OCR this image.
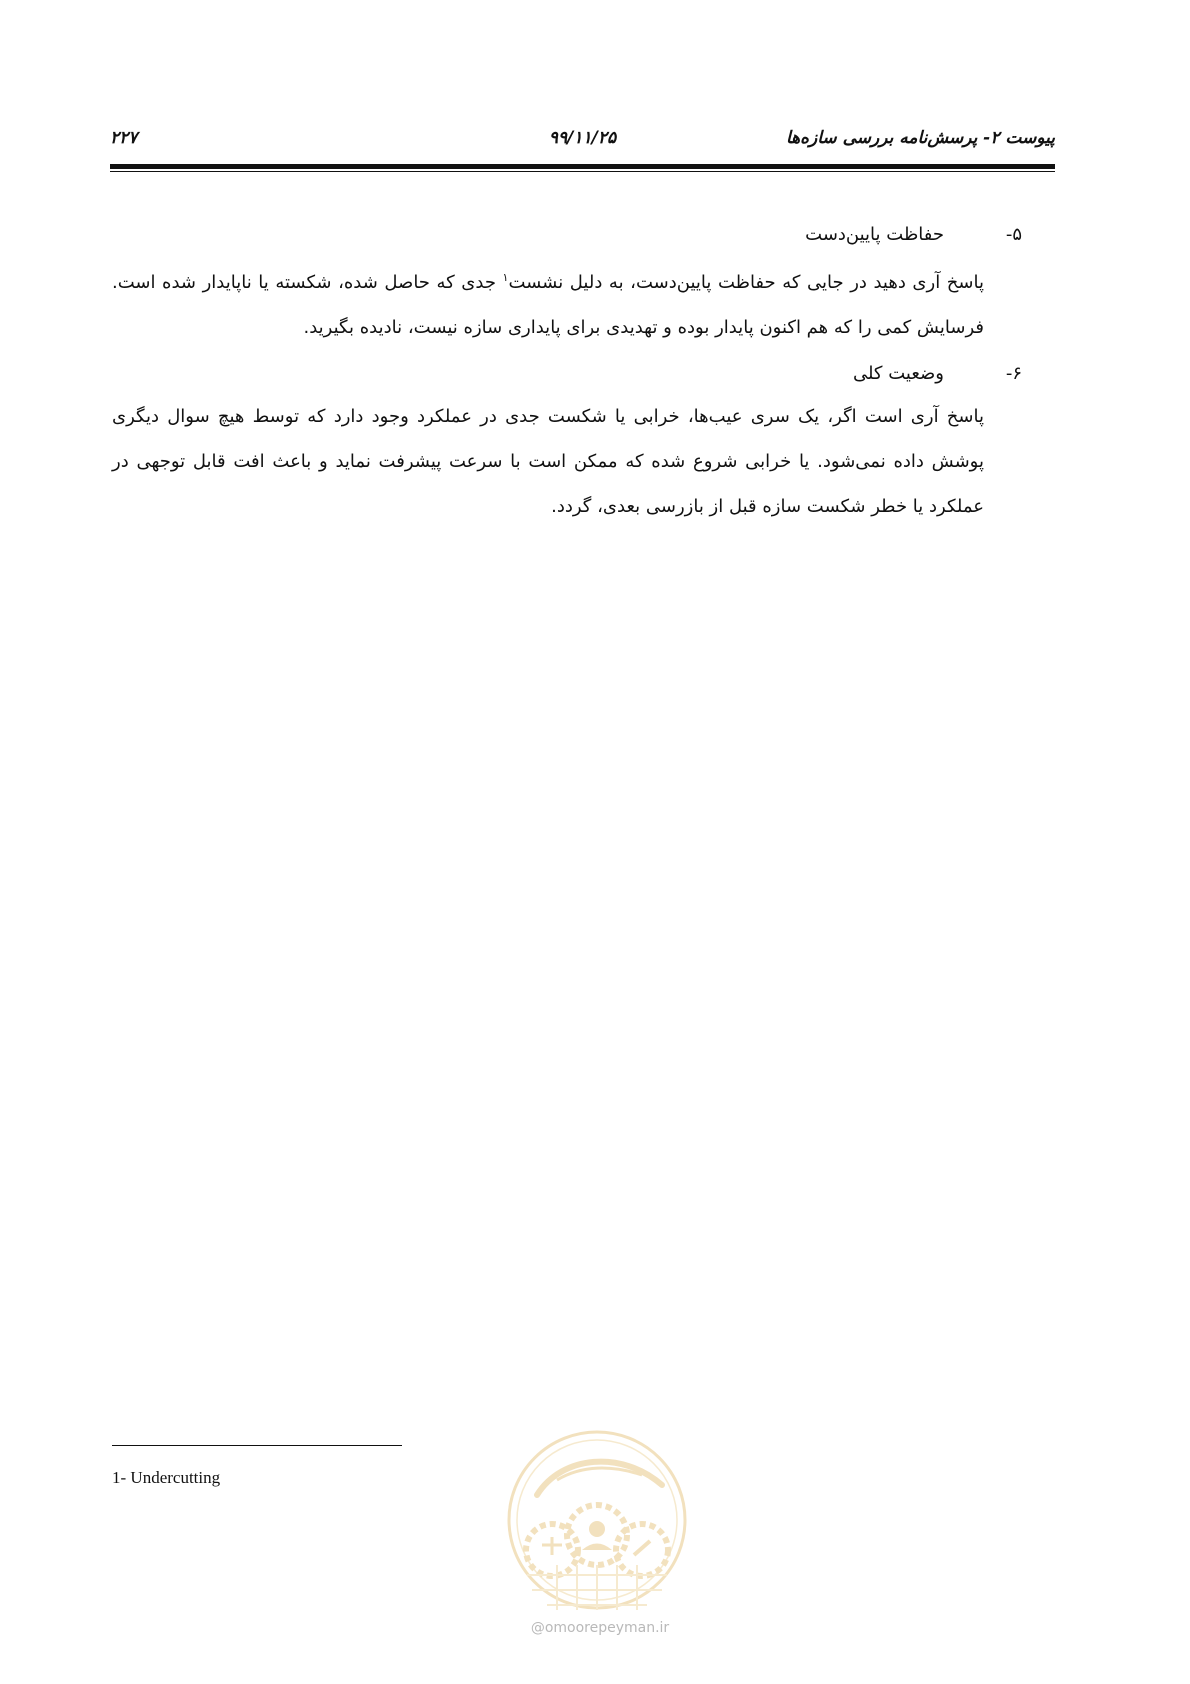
پیوست ۲- پرسش‌نامه بررسی سازه‌ها
۹۹/۱۱/۲۵
۲۲۷
۵-
حفاظت پایین‌دست

پاسخ آری دهید در جایی که حفاظت پایین‌دست، به دلیل نشست$^۱$ جدی که حاصل شده، شکسته یا ناپایدار شده است. فرسایش کمی را که هم اکنون پایدار بوده و تهدیدی برای پایداری سازه نیست، نادیده بگیرید.

۶-
وضعیت کلی

پاسخ آری است اگر، یک سری عیب‌ها، خرابی یا شکست جدی در عملکرد وجود دارد که توسط هیچ سوال دیگری پوشش داده نمی‌شود. یا خرابی شروع شده که ممکن است با سرعت پیشرفت نماید و باعث افت قابل توجهی در عملکرد یا خطر شکست سازه قبل از بازرسی بعدی، گردد.

1- Undercutting
@omoorepeyman.ir
